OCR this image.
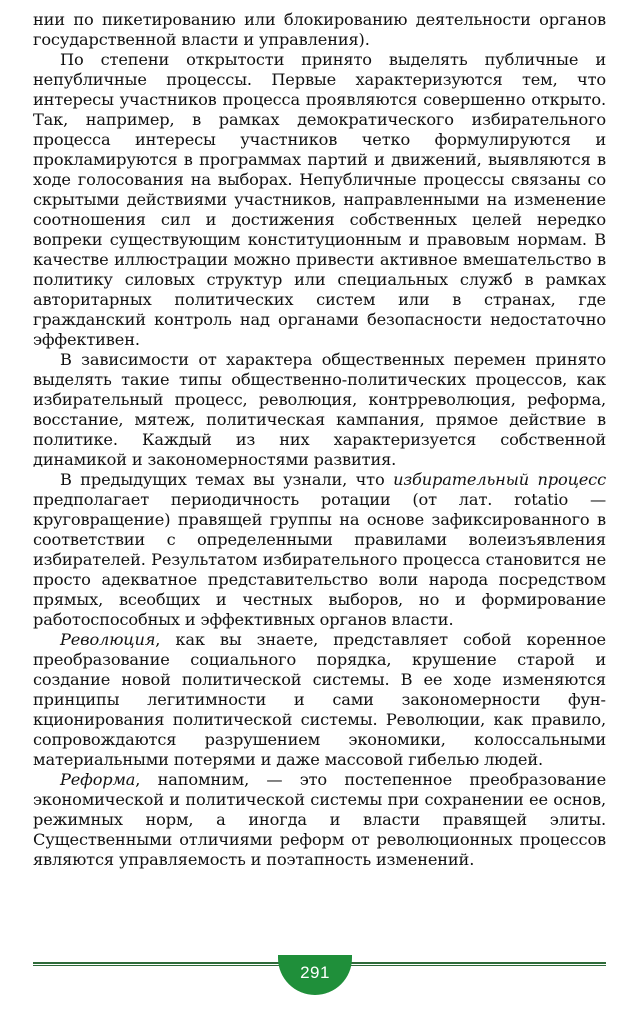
нии по пикетированию или блокированию деятельности органов государственной власти и управления).

По степени открытости принято выделять публичные и непубличные процессы. Первые характеризуются тем, что интересы участников процесса проявляются совершенно открыто. Так, например, в рамках демократического избирательного процесса интересы участников четко формулируются и прокламируются в программах партий и движений, выявляются в ходе голосования на выборах. Непубличные процессы связаны со скрытыми действиями участников, направленными на изменение соотношения сил и достижения собственных целей нередко вопреки существующим конституционным и правовым нормам. В качестве иллюстрации можно привести активное вмешательство в политику силовых структур или специальных служб в рамках авторитарных политических систем или в странах, где гражданский контроль над органами безопасности недостаточно эффективен.

В зависимости от характера общественных перемен принято выделять такие типы общественно-политических процессов, как избирательный процесс, революция, контрреволюция, реформа, восстание, мятеж, политическая кампания, прямое действие в политике. Каждый из них характеризуется собственной динамикой и закономерностями развития.

В предыдущих темах вы узнали, что избирательный процесс предполагает периодичность ротации (от лат. rotatio — круговращение) правящей группы на основе зафиксированного в соответствии с определенными правилами волеизъявления избирателей. Результатом избирательного процесса становится не просто адекватное представительство воли народа посредством прямых, всеобщих и честных выборов, но и формирование работоспособных и эффективных органов власти.

Революция, как вы знаете, представляет собой коренное преобразование социального порядка, крушение старой и создание новой политической системы. В ее ходе изменяются принципы легитимности и сами закономерности функционирования политической системы. Революции, как правило, сопровождаются разрушением экономики, колоссальными материальными потерями и даже массовой гибелью людей.

Реформа, напомним, — это постепенное преобразование экономической и политической системы при сохранении ее основ, режимных норм, а иногда и власти правящей элиты. Существенными отличиями реформ от революционных процессов являются управляемость и поэтапность изменений.

291
